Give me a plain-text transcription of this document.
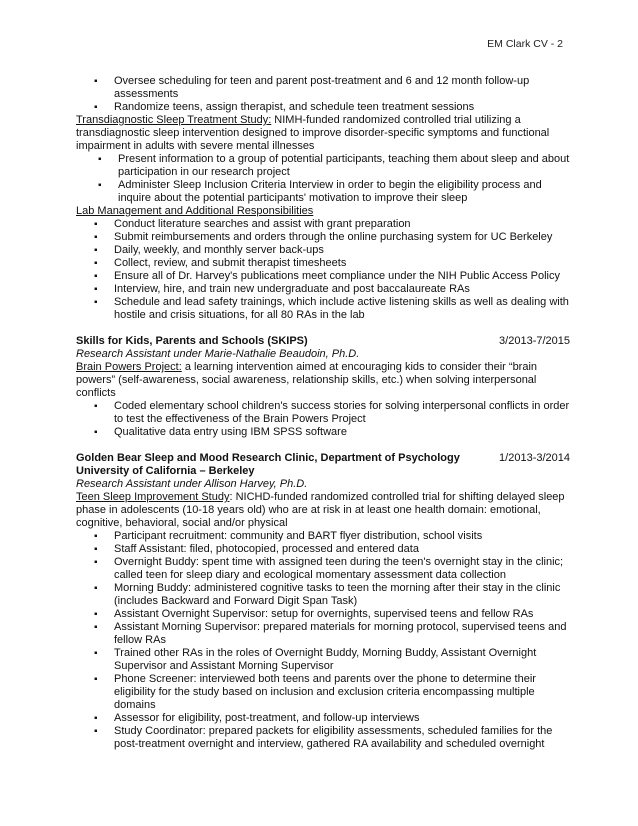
EM Clark CV - 2
▪ Oversee scheduling for teen and parent post-treatment and 6 and 12 month follow-up assessments
▪ Randomize teens, assign therapist, and schedule teen treatment sessions

Transdiagnostic Sleep Treatment Study: NIMH-funded randomized controlled trial utilizing a transdiagnostic sleep intervention designed to improve disorder-specific symptoms and functional impairment in adults with severe mental illnesses

▪ Present information to a group of potential participants, teaching them about sleep and about participation in our research project
▪ Administer Sleep Inclusion Criteria Interview in order to begin the eligibility process and inquire about the potential participants' motivation to improve their sleep

Lab Management and Additional Responsibilities

▪ Conduct literature searches and assist with grant preparation
▪ Submit reimbursements and orders through the online purchasing system for UC Berkeley
▪ Daily, weekly, and monthly server back-ups
▪ Collect, review, and submit therapist timesheets
▪ Ensure all of Dr. Harvey's publications meet compliance under the NIH Public Access Policy
▪ Interview, hire, and train new undergraduate and post baccalaureate RAs
▪ Schedule and lead safety trainings, which include active listening skills as well as dealing with hostile and crisis situations, for all 80 RAs in the lab
Skills for Kids, Parents and Schools (SKIPS)	3/2013-7/2015

Research Assistant under Marie-Nathalie Beaudoin, Ph.D.

Brain Powers Project: a learning intervention aimed at encouraging kids to consider their “brain powers” (self-awareness, social awareness, relationship skills, etc.) when solving interpersonal conflicts

▪ Coded elementary school children's success stories for solving interpersonal conflicts in order to test the effectiveness of the Brain Powers Project
▪ Qualitative data entry using IBM SPSS software
Golden Bear Sleep and Mood Research Clinic, Department of Psychology	1/2013-3/2014

University of California – Berkeley

Research Assistant under Allison Harvey, Ph.D.

Teen Sleep Improvement Study: NICHD-funded randomized controlled trial for shifting delayed sleep phase in adolescents (10-18 years old) who are at risk in at least one health domain: emotional, cognitive, behavioral, social and/or physical

▪ Participant recruitment: community and BART flyer distribution, school visits
▪ Staff Assistant: filed, photocopied, processed and entered data
▪ Overnight Buddy: spent time with assigned teen during the teen's overnight stay in the clinic; called teen for sleep diary and ecological momentary assessment data collection
▪ Morning Buddy: administered cognitive tasks to teen the morning after their stay in the clinic (includes Backward and Forward Digit Span Task)
▪ Assistant Overnight Supervisor: setup for overnights, supervised teens and fellow RAs
▪ Assistant Morning Supervisor: prepared materials for morning protocol, supervised teens and fellow RAs
▪ Trained other RAs in the roles of Overnight Buddy, Morning Buddy, Assistant Overnight Supervisor and Assistant Morning Supervisor
▪ Phone Screener: interviewed both teens and parents over the phone to determine their eligibility for the study based on inclusion and exclusion criteria encompassing multiple domains
▪ Assessor for eligibility, post-treatment, and follow-up interviews
▪ Study Coordinator: prepared packets for eligibility assessments, scheduled families for the post-treatment overnight and interview, gathered RA availability and scheduled overnight
